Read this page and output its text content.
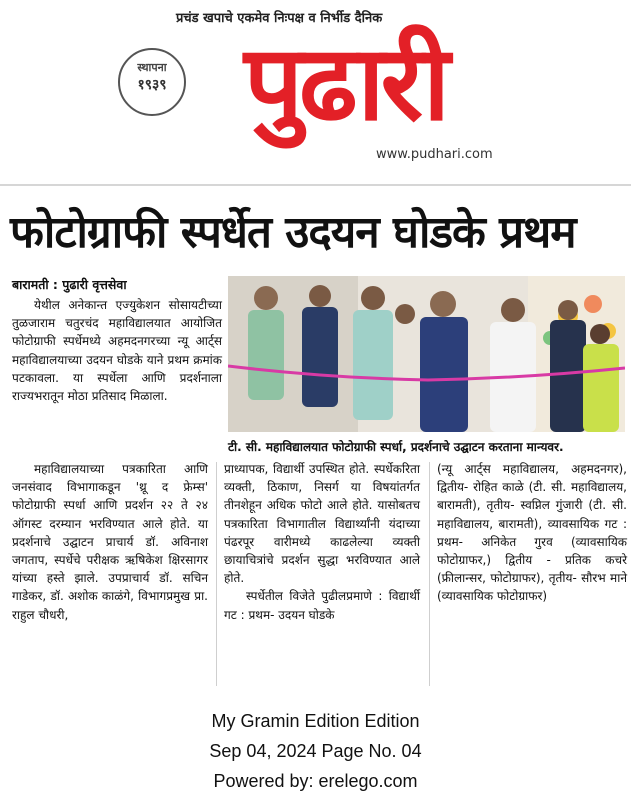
प्रचंड खपाचे एकमेव निःपक्ष व निर्भीड दैनिक
स्थापना
१९३९ पुढारी
www.pudhari.com
फोटोग्राफी स्पर्धेत उदयन घोडके प्रथम
बारामती : पुढारी वृत्तसेवा

येथील अनेकान्त एज्युकेशन सोसायटीच्या तुळजाराम चतुरचंद महाविद्यालयात आयोजित फोटोग्राफी स्पर्धेमध्ये अहमदनगरच्या न्यू आर्ट्स महाविद्यालयाच्या उदयन घोडके याने प्रथम क्रमांक पटकावला. या स्पर्धेला आणि प्रदर्शनाला राज्यभरातून मोठा प्रतिसाद मिळाला.

टी. सी. महाविद्यालयात फोटोग्राफी स्पर्धा, प्रदर्शनाचे उद्घाटन करताना मान्यवर.

महाविद्यालयाच्या पत्रकारिता आणि जनसंवाद विभागाकडून 'थ्रू द फ्रेम्स' फोटोग्राफी स्पर्धा आणि प्रदर्शन २२ ते २४ ऑगस्ट दरम्यान भरविण्यात आले होते. या प्रदर्शनाचे उद्घाटन प्राचार्य डॉ. अविनाश जगताप, स्पर्धेचे परीक्षक ऋषिकेश क्षिरसागर यांच्या हस्ते झाले. उपप्राचार्य डॉ. सचिन गाडेकर, डॉ. अशोक काळंगे, विभागप्रमुख प्रा. राहुल चौधरी,

प्राध्यापक, विद्यार्थी उपस्थित होते. स्पर्धेकरिता व्यक्ती, ठिकाण, निसर्ग या विषयांतर्गत तीनशेहून अधिक फोटो आले होते. यासोबतच पत्रकारिता विभागातील विद्यार्थ्यांनी यंदाच्या पंढरपूर वारीमध्ये काढलेल्या व्यक्ती छायाचित्रांचे प्रदर्शन सुद्धा भरविण्यात आले होते.

स्पर्धेतील विजेते पुढीलप्रमाणे : विद्यार्थी गट : प्रथम- उदयन घोडके

(न्यू आर्ट्स महाविद्यालय, अहमदनगर), द्वितीय- रोहित काळे (टी. सी. महाविद्यालय, बारामती), तृतीय- स्वप्निल गुंजारी (टी. सी. महाविद्यालय, बारामती), व्यावसायिक गट : प्रथम- अनिकेत गुरव (व्यावसायिक फोटोग्राफर,) द्वितीय - प्रतिक कचरे (फ्रीलान्सर, फोटोग्राफर), तृतीय- सौरभ माने (व्यावसायिक फोटोग्राफर)

My Gramin Edition Edition
Sep 04, 2024 Page No. 04
Powered by: erelego.com
